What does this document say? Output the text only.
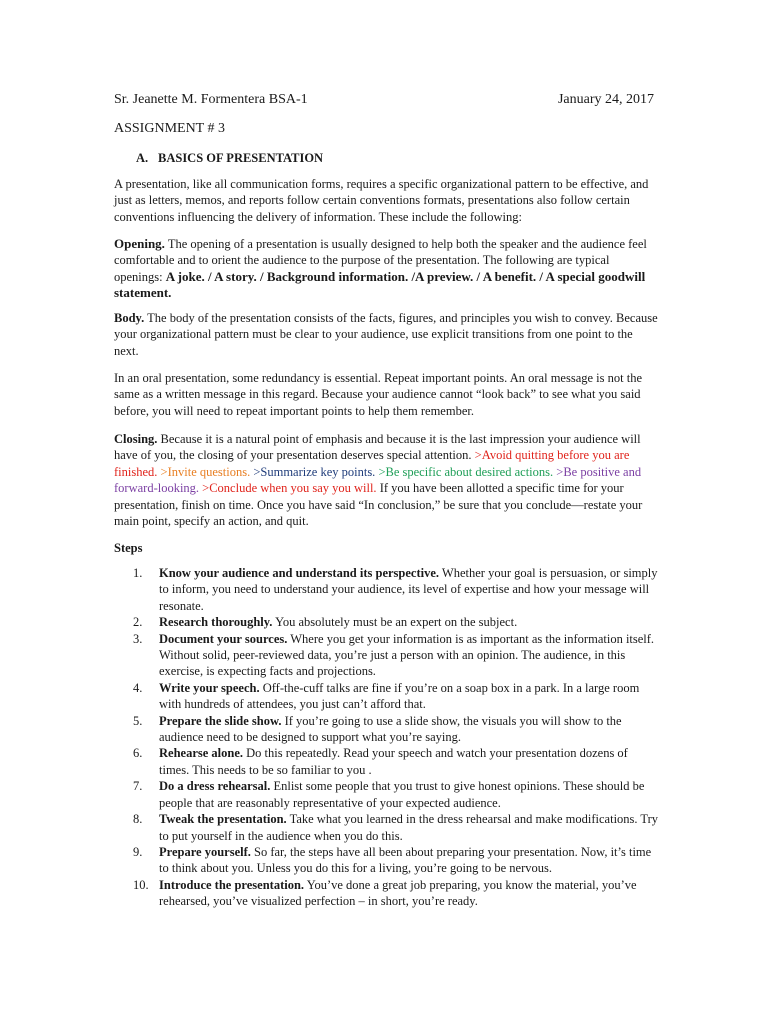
Sr. Jeanette M. Formentera BSA-1	January 24, 2017
ASSIGNMENT # 3
A. BASICS OF PRESENTATION

A presentation, like all communication forms, requires a specific organizational pattern to be effective, and just as letters, memos, and reports follow certain conventions formats, presentations also follow certain conventions influencing the delivery of information. These include the following:

Opening. The opening of a presentation is usually designed to help both the speaker and the audience feel comfortable and to orient the audience to the purpose of the presentation. The following are typical openings: A joke. / A story. / Background information. /A preview. / A benefit. / A special goodwill statement.

Body. The body of the presentation consists of the facts, figures, and principles you wish to convey. Because your organizational pattern must be clear to your audience, use explicit transitions from one point to the next.

In an oral presentation, some redundancy is essential. Repeat important points. An oral message is not the same as a written message in this regard. Because your audience cannot “look back” to see what you said before, you will need to repeat important points to help them remember.

Closing. Because it is a natural point of emphasis and because it is the last impression your audience will have of you, the closing of your presentation deserves special attention. >Avoid quitting before you are finished. >Invite questions. >Summarize key points. >Be specific about desired actions. >Be positive and forward-looking. >Conclude when you say you will. If you have been allotted a specific time for your presentation, finish on time. Once you have said “In conclusion,” be sure that you conclude—restate your main point, specify an action, and quit.

Steps

1. Know your audience and understand its perspective. Whether your goal is persuasion, or simply to inform, you need to understand your audience, its level of expertise and how your message will resonate.
2. Research thoroughly. You absolutely must be an expert on the subject.
3. Document your sources. Where you get your information is as important as the information itself. Without solid, peer-reviewed data, you’re just a person with an opinion. The audience, in this exercise, is expecting facts and projections.
4. Write your speech. Off-the-cuff talks are fine if you’re on a soap box in a park. In a large room with hundreds of attendees, you just can’t afford that.
5. Prepare the slide show. If you’re going to use a slide show, the visuals you will show to the audience need to be designed to support what you’re saying.
6. Rehearse alone. Do this repeatedly. Read your speech and watch your presentation dozens of times. This needs to be so familiar to you .
7. Do a dress rehearsal. Enlist some people that you trust to give honest opinions. These should be people that are reasonably representative of your expected audience.
8. Tweak the presentation. Take what you learned in the dress rehearsal and make modifications. Try to put yourself in the audience when you do this.
9. Prepare yourself. So far, the steps have all been about preparing your presentation. Now, it’s time to think about you. Unless you do this for a living, you’re going to be nervous.
10. Introduce the presentation. You’ve done a great job preparing, you know the material, you’ve rehearsed, you’ve visualized perfection – in short, you’re ready.
